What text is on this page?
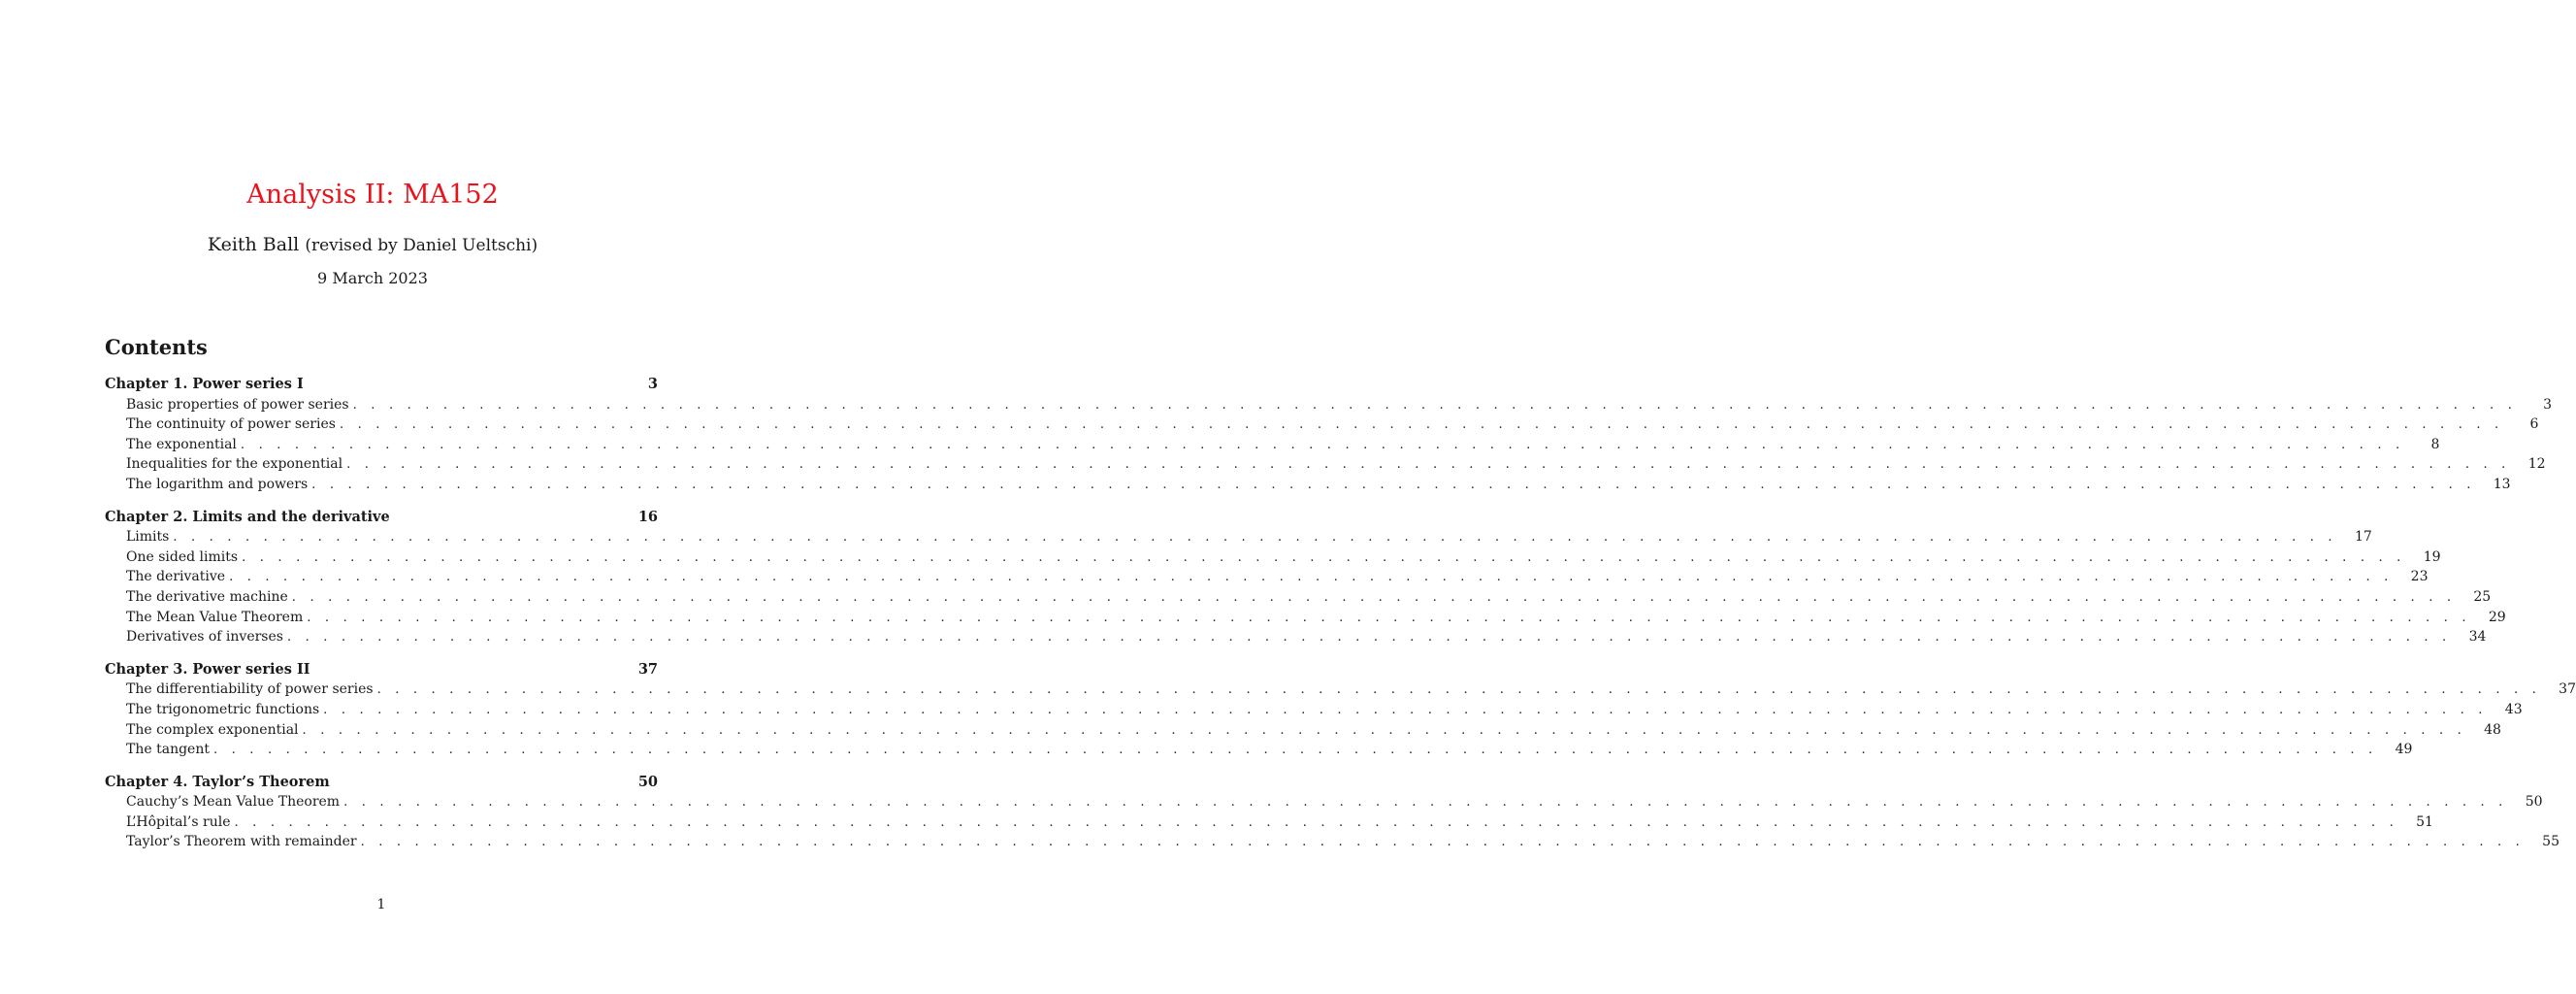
Analysis II: MA152
Keith Ball (revised by Daniel Ueltschi)
9 March 2023
Contents
Chapter 1. Power series I	3
Basic properties of power series . . . . . . . . . . . . . . . . . . . . . . . . . . . . . . . . . . . . . . . . . . . . . . . . . . . . . . . . . . . . . . . . . . . . . . . . . . . . . . . . . . . . . . . . . . . . . . . . . . . . . . . . . . . . . . . . . . . . . . . .	3
The continuity of power series . . . . . . . . . . . . . . . . . . . . . . . . . . . . . . . . . . . . . . . . . . . . . . . . . . . . . . . . . . . . . . . . . . . . . . . . . . . . . . . . . . . . . . . . . . . . . . . . . . . . . . . . . . . . . . . . . . . . . . . .	6
The exponential . . . . . . . . . . . . . . . . . . . . . . . . . . . . . . . . . . . . . . . . . . . . . . . . . . . . . . . . . . . . . . . . . . . . . . . . . . . . . . . . . . . . . . . . . . . . . . . . . . . . . . . . . . . . . . . . . . . . . . . .	8
Inequalities for the exponential . . . . . . . . . . . . . . . . . . . . . . . . . . . . . . . . . . . . . . . . . . . . . . . . . . . . . . . . . . . . . . . . . . . . . . . . . . . . . . . . . . . . . . . . . . . . . . . . . . . . . . . . . . . . . . . . . . . . . . . .	12
The logarithm and powers . . . . . . . . . . . . . . . . . . . . . . . . . . . . . . . . . . . . . . . . . . . . . . . . . . . . . . . . . . . . . . . . . . . . . . . . . . . . . . . . . . . . . . . . . . . . . . . . . . . . . . . . . . . . . . . . . . . . . . . .	13
Chapter 2. Limits and the derivative	16
Limits . . . . . . . . . . . . . . . . . . . . . . . . . . . . . . . . . . . . . . . . . . . . . . . . . . . . . . . . . . . . . . . . . . . . . . . . . . . . . . . . . . . . . . . . . . . . . . . . . . . . . . . . . . . . . . . . . . . . . . . .	17
One sided limits . . . . . . . . . . . . . . . . . . . . . . . . . . . . . . . . . . . . . . . . . . . . . . . . . . . . . . . . . . . . . . . . . . . . . . . . . . . . . . . . . . . . . . . . . . . . . . . . . . . . . . . . . . . . . . . . . . . . . . . .	19
The derivative . . . . . . . . . . . . . . . . . . . . . . . . . . . . . . . . . . . . . . . . . . . . . . . . . . . . . . . . . . . . . . . . . . . . . . . . . . . . . . . . . . . . . . . . . . . . . . . . . . . . . . . . . . . . . . . . . . . . . . . .	23
The derivative machine . . . . . . . . . . . . . . . . . . . . . . . . . . . . . . . . . . . . . . . . . . . . . . . . . . . . . . . . . . . . . . . . . . . . . . . . . . . . . . . . . . . . . . . . . . . . . . . . . . . . . . . . . . . . . . . . . . . . . . . .	25
The Mean Value Theorem . . . . . . . . . . . . . . . . . . . . . . . . . . . . . . . . . . . . . . . . . . . . . . . . . . . . . . . . . . . . . . . . . . . . . . . . . . . . . . . . . . . . . . . . . . . . . . . . . . . . . . . . . . . . . . . . . . . . . . . .	29
Derivatives of inverses . . . . . . . . . . . . . . . . . . . . . . . . . . . . . . . . . . . . . . . . . . . . . . . . . . . . . . . . . . . . . . . . . . . . . . . . . . . . . . . . . . . . . . . . . . . . . . . . . . . . . . . . . . . . . . . . . . . . . . . .	34
Chapter 3. Power series II	37
The differentiability of power series . . . . . . . . . . . . . . . . . . . . . . . . . . . . . . . . . . . . . . . . . . . . . . . . . . . . . . . . . . . . . . . . . . . . . . . . . . . . . . . . . . . . . . . . . . . . . . . . . . . . . . . . . . . . . . . . . . . . . . . .	37
The trigonometric functions . . . . . . . . . . . . . . . . . . . . . . . . . . . . . . . . . . . . . . . . . . . . . . . . . . . . . . . . . . . . . . . . . . . . . . . . . . . . . . . . . . . . . . . . . . . . . . . . . . . . . . . . . . . . . . . . . . . . . . . .	43
The complex exponential . . . . . . . . . . . . . . . . . . . . . . . . . . . . . . . . . . . . . . . . . . . . . . . . . . . . . . . . . . . . . . . . . . . . . . . . . . . . . . . . . . . . . . . . . . . . . . . . . . . . . . . . . . . . . . . . . . . . . . . .	48
The tangent . . . . . . . . . . . . . . . . . . . . . . . . . . . . . . . . . . . . . . . . . . . . . . . . . . . . . . . . . . . . . . . . . . . . . . . . . . . . . . . . . . . . . . . . . . . . . . . . . . . . . . . . . . . . . . . . . . . . . . . .	49
Chapter 4. Taylor’s Theorem	50
Cauchy’s Mean Value Theorem . . . . . . . . . . . . . . . . . . . . . . . . . . . . . . . . . . . . . . . . . . . . . . . . . . . . . . . . . . . . . . . . . . . . . . . . . . . . . . . . . . . . . . . . . . . . . . . . . . . . . . . . . . . . . . . . . . . . . . . .	50
L’Hôpital’s rule . . . . . . . . . . . . . . . . . . . . . . . . . . . . . . . . . . . . . . . . . . . . . . . . . . . . . . . . . . . . . . . . . . . . . . . . . . . . . . . . . . . . . . . . . . . . . . . . . . . . . . . . . . . . . . . . . . . . . . . .	51
Taylor’s Theorem with remainder . . . . . . . . . . . . . . . . . . . . . . . . . . . . . . . . . . . . . . . . . . . . . . . . . . . . . . . . . . . . . . . . . . . . . . . . . . . . . . . . . . . . . . . . . . . . . . . . . . . . . . . . . . . . . . . . . . . . . . . .	55
1
